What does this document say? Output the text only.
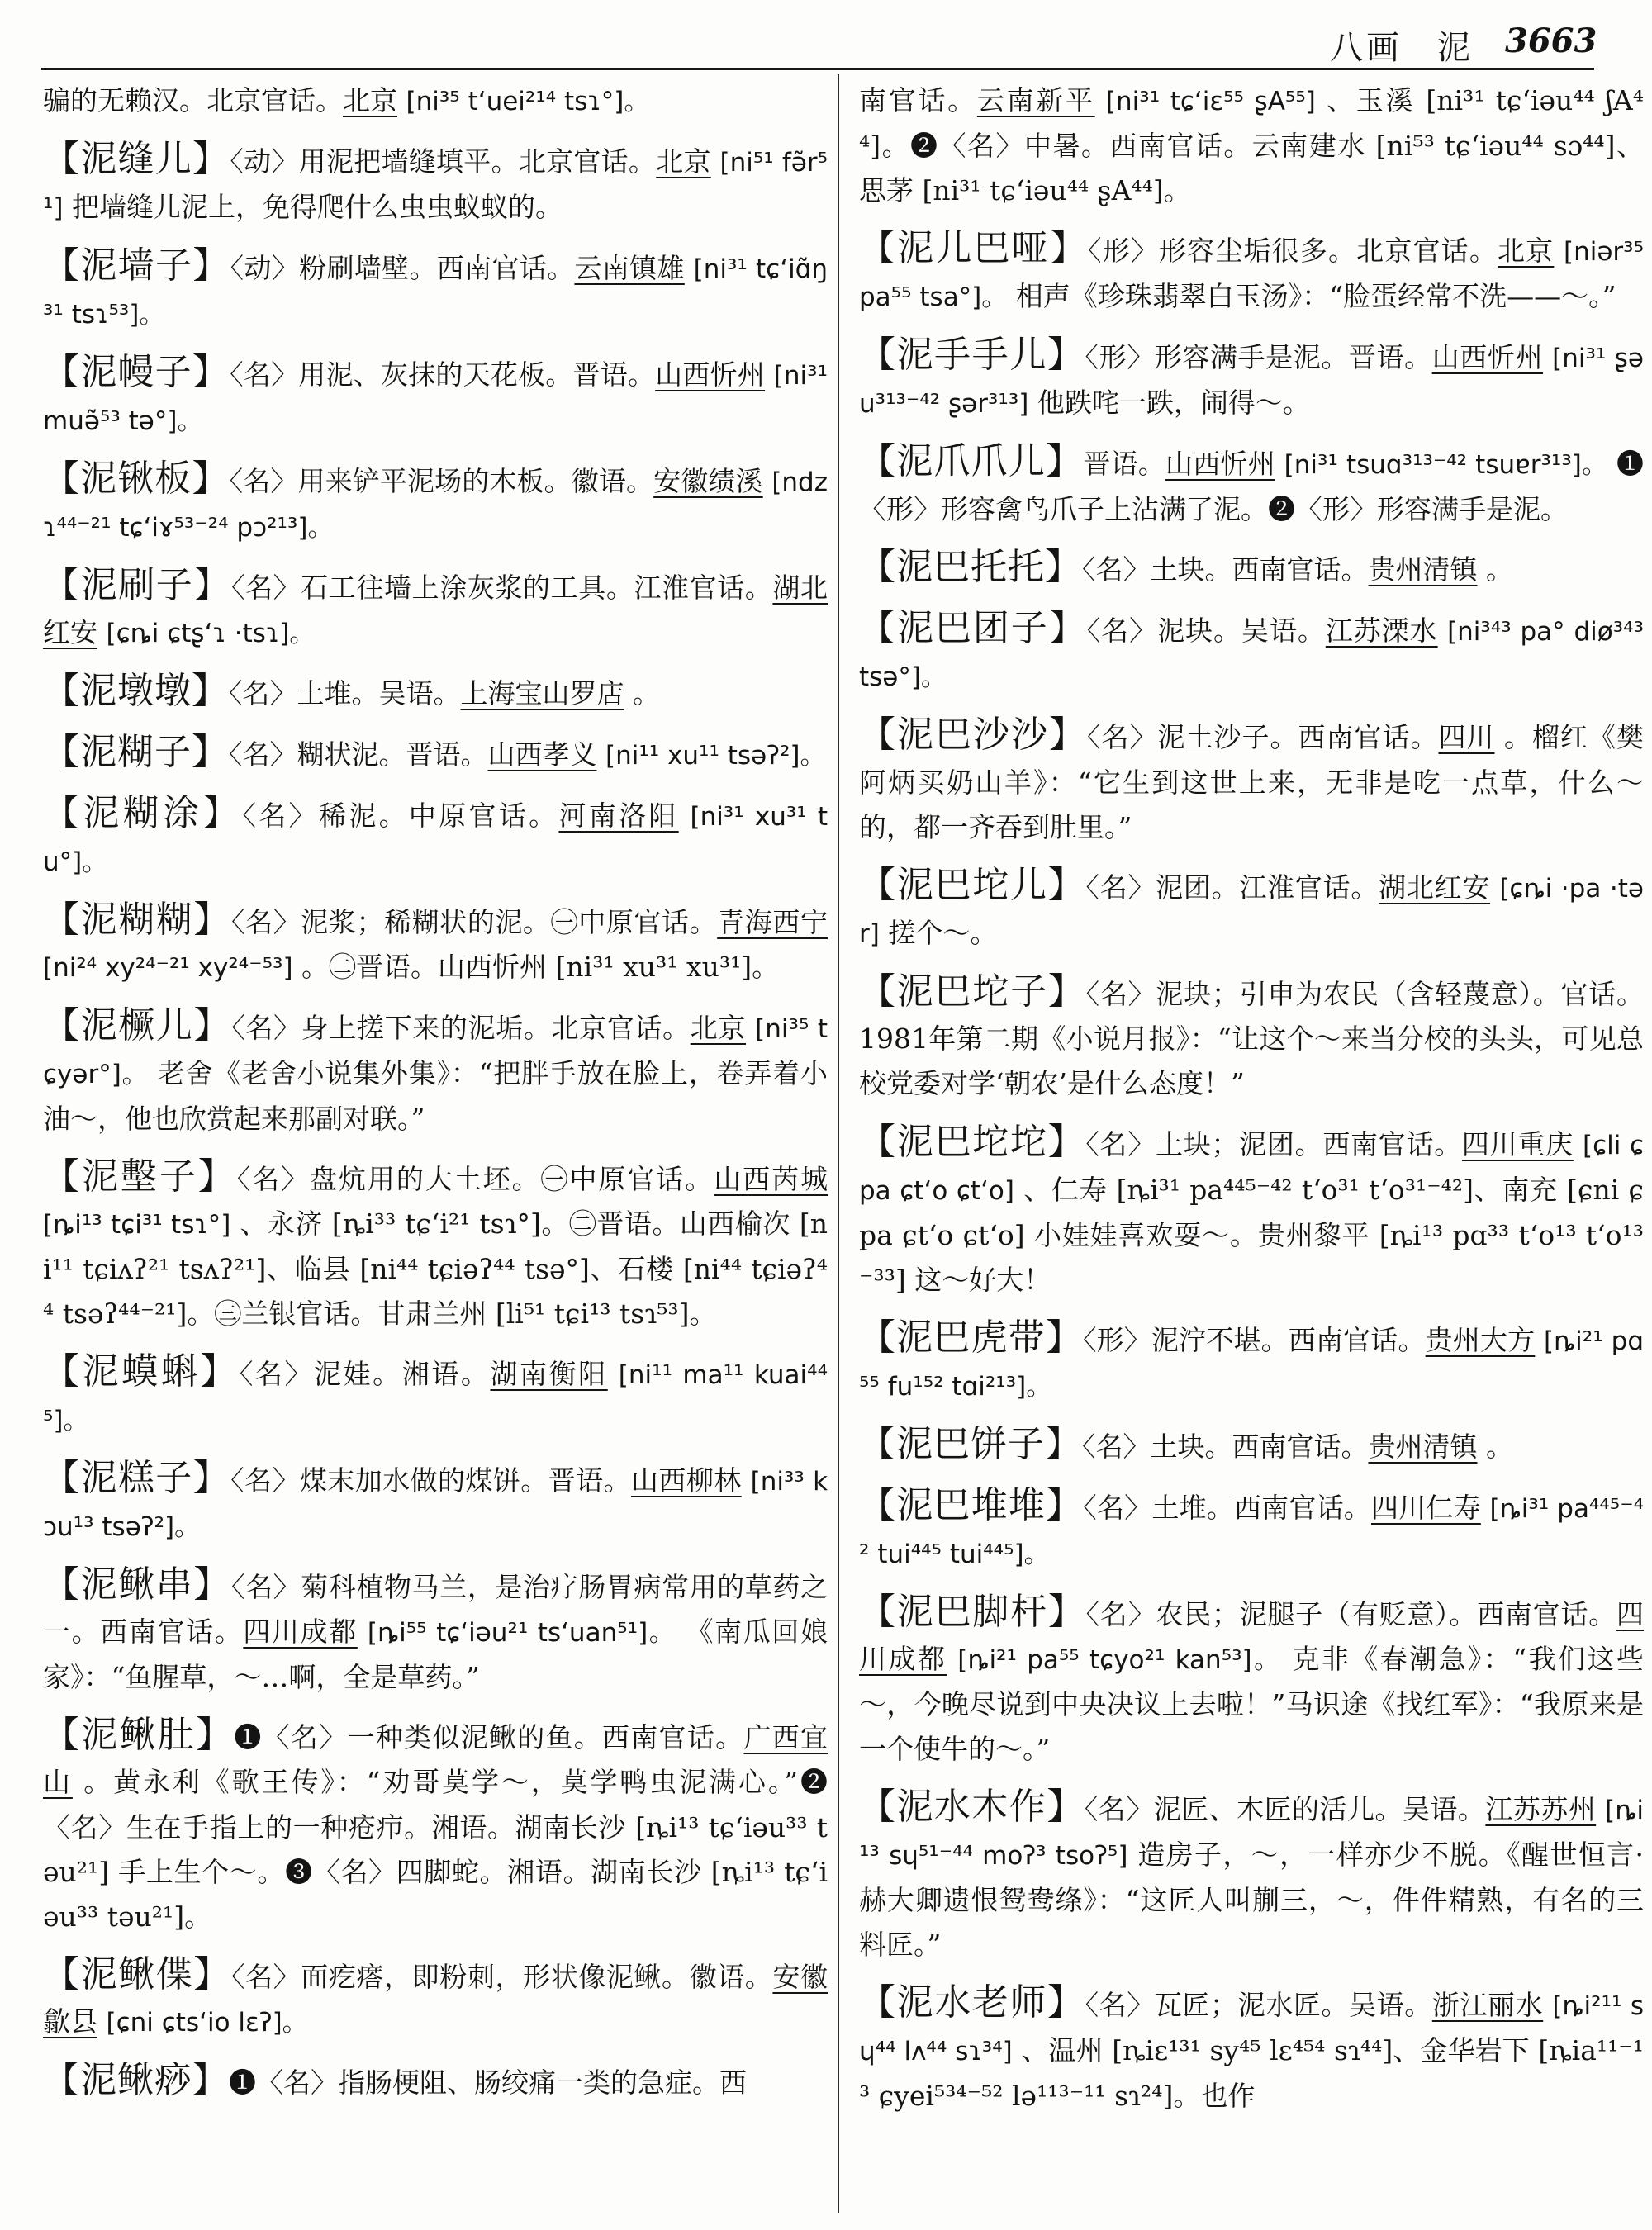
八画 泥 3663

骗的无赖汉。北京官话。北京 [ni³⁵ tʻuei²¹⁴ tsɿ°]。

【泥缝儿】〈动〉用泥把墙缝填平。北京官话。北京 [ni⁵¹ fə̃r⁵¹] 把墙缝儿泥上，免得爬什么虫虫蚁蚁的。

【泥墙子】〈动〉粉刷墙壁。西南官话。云南镇雄 [ni³¹ tɕʻiɑ̃ŋ³¹ tsɿ⁵³]。

【泥幔子】〈名〉用泥、灰抹的天花板。晋语。山西忻州 [ni³¹ muə̃⁵³ tə°]。

【泥锹板】〈名〉用来铲平泥场的木板。徽语。安徽绩溪 [ndzɿ⁴⁴⁻²¹ tɕʻiɤ⁵³⁻²⁴ pɔ²¹³]。

【泥刷子】〈名〉石工往墙上涂灰浆的工具。江淮官话。湖北红安 [ɕȵi ɕtʂʻɿ ·tsɿ]。

【泥墩墩】〈名〉土堆。吴语。上海宝山罗店 。

【泥糊子】〈名〉糊状泥。晋语。山西孝义 [ni¹¹ xu¹¹ tsəʔ²]。

【泥糊涂】〈名〉稀泥。中原官话。河南洛阳 [ni³¹ xu³¹ tu°]。

【泥糊糊】〈名〉泥浆；稀糊状的泥。㊀中原官话。青海西宁 [ni²⁴ xy²⁴⁻²¹ xy²⁴⁻⁵³] 。㊁晋语。山西忻州 [ni³¹ xu³¹ xu³¹]。

【泥橛儿】〈名〉身上搓下来的泥垢。北京官话。北京 [ni³⁵ tɕyər°]。 老舍《老舍小说集外集》：“把胖手放在脸上，卷弄着小油～，他也欣赏起来那副对联。”

【泥墼子】〈名〉盘炕用的大土坯。㊀中原官话。山西芮城 [ȵi¹³ tɕi³¹ tsɿ°] 、永济 [ȵi³³ tɕʻi²¹ tsɿ°]。㊁晋语。山西榆次 [ni¹¹ tɕiʌʔ²¹ tsʌʔ²¹]、临县 [ni⁴⁴ tɕiəʔ⁴⁴ tsə°]、石楼 [ni⁴⁴ tɕiəʔ⁴⁴ tsəʔ⁴⁴⁻²¹]。㊂兰银官话。甘肃兰州 [li⁵¹ tɕi¹³ tsɿ⁵³]。

【泥蟆蝌】〈名〉泥娃。湘语。湖南衡阳 [ni¹¹ ma¹¹ kuai⁴⁴⁵]。

【泥糕子】〈名〉煤末加水做的煤饼。晋语。山西柳林 [ni³³ kɔu¹³ tsəʔ²]。

【泥鳅串】〈名〉菊科植物马兰，是治疗肠胃病常用的草药之一。西南官话。四川成都 [ȵi⁵⁵ tɕʻiəu²¹ tsʻuan⁵¹]。 《南瓜回娘家》：“鱼腥草，～…啊，全是草药。”

【泥鳅肚】❶〈名〉一种类似泥鳅的鱼。西南官话。广西宜山 。黄永利《歌王传》：“劝哥莫学～，莫学鸭虫泥满心。”❷〈名〉生在手指上的一种疮疖。湘语。湖南长沙 [ȵi¹³ tɕʻiəu³³ təu²¹] 手上生个～。❸〈名〉四脚蛇。湘语。湖南长沙 [ȵi¹³ tɕʻiəu³³ təu²¹]。

【泥鳅偞】〈名〉面疙瘩，即粉刺，形状像泥鳅。徽语。安徽歙县 [ɕni ɕtsʻio lɛʔ]。

【泥鳅痧】❶〈名〉指肠梗阻、肠绞痛一类的急症。西

南官话。云南新平 [ni³¹ tɕʻiɛ⁵⁵ ʂA⁵⁵] 、玉溪 [ni³¹ tɕʻiəu⁴⁴ ʃA⁴⁴]。❷〈名〉中暑。西南官话。云南建水 [ni⁵³ tɕʻiəu⁴⁴ sɔ⁴⁴]、思茅 [ni³¹ tɕʻiəu⁴⁴ ʂA⁴⁴]。

【泥儿巴哑】〈形〉形容尘垢很多。北京官话。北京 [niər³⁵ pa⁵⁵ tsa°]。 相声《珍珠翡翠白玉汤》：“脸蛋经常不洗——～。”

【泥手手儿】〈形〉形容满手是泥。晋语。山西忻州 [ni³¹ ʂəu³¹³⁻⁴² ʂər³¹³] 他跌咤一跌，闹得～。

【泥爪爪儿】晋语。山西忻州 [ni³¹ tsuɑ³¹³⁻⁴² tsuɐr³¹³]。 ❶〈形〉形容禽鸟爪子上沾满了泥。❷〈形〉形容满手是泥。

【泥巴托托】〈名〉土块。西南官话。贵州清镇 。

【泥巴团子】〈名〉泥块。吴语。江苏溧水 [ni³⁴³ pa° diø³⁴³ tsə°]。

【泥巴沙沙】〈名〉泥土沙子。西南官话。四川 。榴红《樊阿炳买奶山羊》：“它生到这世上来，无非是吃一点草，什么～的，都一齐吞到肚里。”

【泥巴坨儿】〈名〉泥团。江淮官话。湖北红安 [ɕȵi ·pa ·tər] 搓个～。

【泥巴坨子】〈名〉泥块；引申为农民（含轻蔑意）。官话。1981年第二期《小说月报》：“让这个～来当分校的头头，可见总校党委对学‘朝农’是什么态度！”

【泥巴坨坨】〈名〉土块；泥团。西南官话。四川重庆 [ɕli ɕpa ɕtʻo ɕtʻo] 、仁寿 [ȵi³¹ pa⁴⁴⁵⁻⁴² tʻo³¹ tʻo³¹⁻⁴²]、南充 [ɕni ɕpa ɕtʻo ɕtʻo] 小娃娃喜欢耍～。贵州黎平 [ȵi¹³ pɑ³³ tʻo¹³ tʻo¹³⁻³³] 这～好大！

【泥巴虎带】〈形〉泥泞不堪。西南官话。贵州大方 [ȵi²¹ pɑ⁵⁵ fu¹⁵² tɑi²¹³]。

【泥巴饼子】〈名〉土块。西南官话。贵州清镇 。

【泥巴堆堆】〈名〉土堆。西南官话。四川仁寿 [ȵi³¹ pa⁴⁴⁵⁻⁴² tui⁴⁴⁵ tui⁴⁴⁵]。

【泥巴脚杆】〈名〉农民；泥腿子（有贬意）。西南官话。四川成都 [ȵi²¹ pa⁵⁵ tɕyo²¹ kan⁵³]。 克非《春潮急》：“我们这些～，今晚尽说到中央决议上去啦！”马识途《找红军》：“我原来是一个使牛的～。”

【泥水木作】〈名〉泥匠、木匠的活儿。吴语。江苏苏州 [ȵi¹³ sɥ⁵¹⁻⁴⁴ moʔ³ tsoʔ⁵] 造房子，～，一样亦少不脱。《醒世恒言·赫大卿遗恨鸳鸯绦》：“这匠人叫蒯三，～，件件精熟，有名的三料匠。”

【泥水老师】〈名〉瓦匠；泥水匠。吴语。浙江丽水 [ȵi²¹¹ sɥ⁴⁴ lʌ⁴⁴ sɿ³⁴] 、温州 [ȵiɛ¹³¹ sy⁴⁵ lɛ⁴⁵⁴ sɿ⁴⁴]、金华岩下 [ȵia¹¹⁻¹³ ɕyei⁵³⁴⁻⁵² lə¹¹³⁻¹¹ sɿ²⁴]。也作
